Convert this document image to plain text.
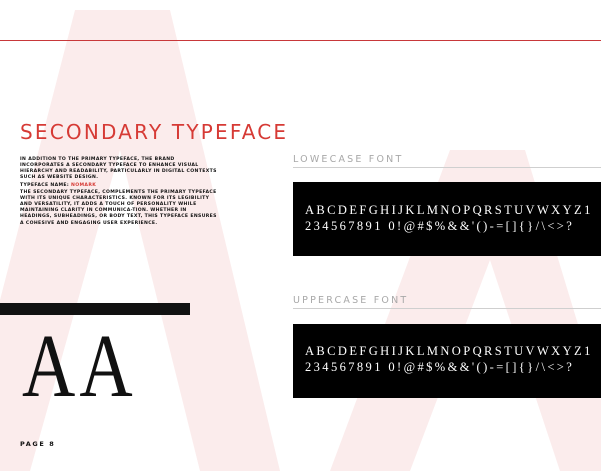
SECONDARY TYPEFACE

IN ADDITION TO THE PRIMARY TYPEFACE, THE BRAND INCORPORATES A SECONDARY TYPEFACE TO ENHANCE VISUAL HIERARCHY AND READABILITY, PARTICULARLY IN DIGITAL CONTEXTS SUCH AS WEBSITE DESIGN.

TYPEFACE NAME: NOMARK

THE SECONDARY TYPEFACE, COMPLEMENTS THE PRIMARY TYPEFACE WITH ITS UNIQUE CHARACTERISTICS. KNOWN FOR ITS LEGIBILITY AND VERSATILITY, IT ADDS A TOUCH OF PERSONALITY WHILE MAINTAINING CLARITY IN COMMUNICA-TION. WHETHER IN HEADINGS, SUBHEADINGS, OR BODY TEXT, THIS TYPEFACE ENSURES A COHESIVE AND ENGAGING USER EXPERIENCE.

AA

LOWECASE FONT

ABCDEFGHIJKLMNOPQRSTUVWXYZ1234567891 0!@#$%&&'()-=[]{}/\<>?

UPPERCASE FONT

ABCDEFGHIJKLMNOPQRSTUVWXYZ1234567891 0!@#$%&&'()-=[]{}/\<>?

PAGE 8
